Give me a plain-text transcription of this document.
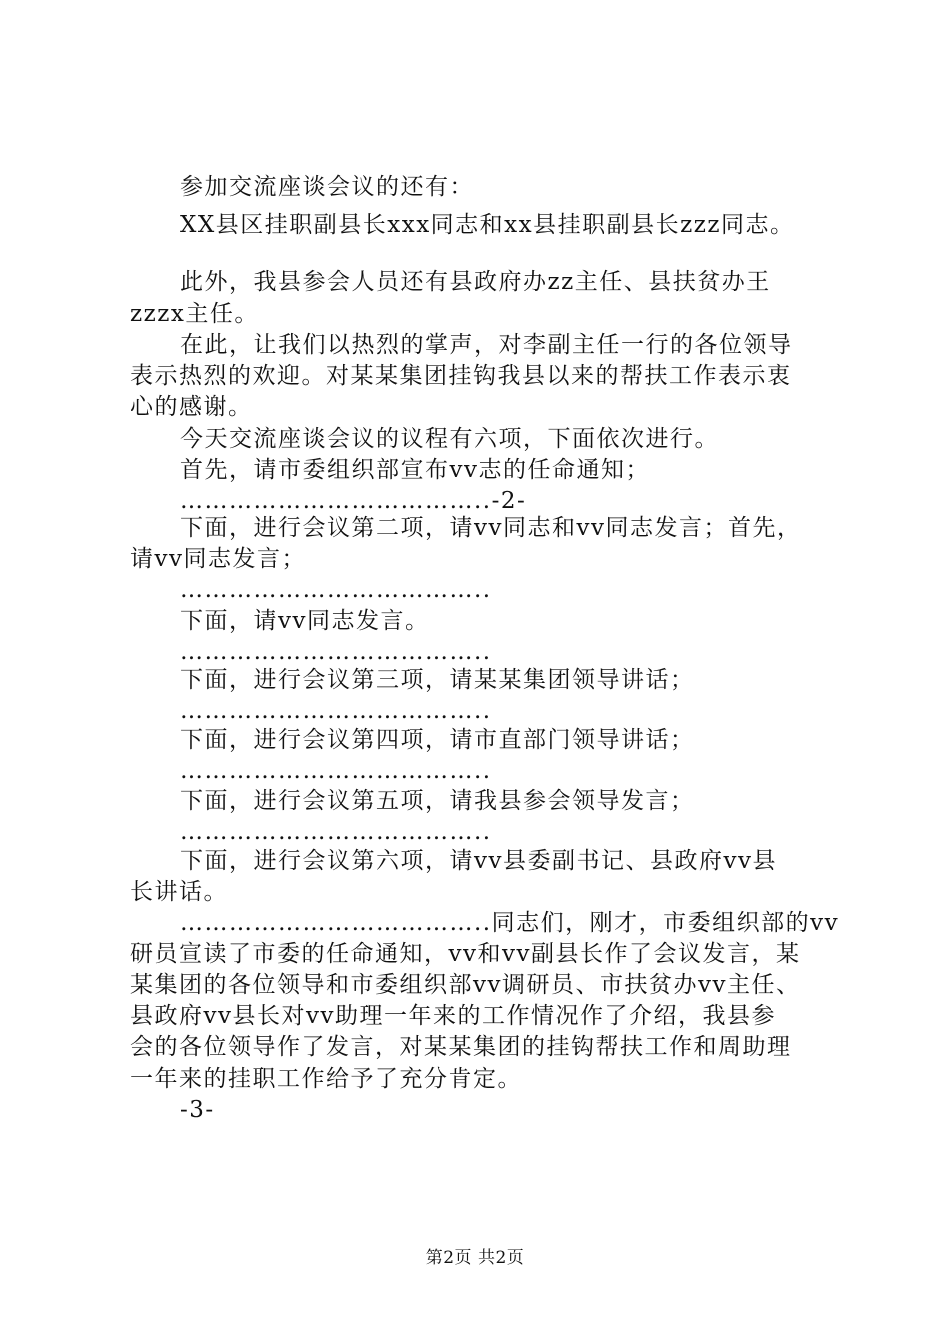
参加交流座谈会议的还有：
XX县区挂职副县长xxx同志和xx县挂职副县长zzz同志。
此外，我县参会人员还有县政府办zz主任、县扶贫办王
zzzx主任。
在此，让我们以热烈的掌声，对李副主任一行的各位领导
表示热烈的欢迎。对某某集团挂钩我县以来的帮扶工作表示衷
心的感谢。
今天交流座谈会议的议程有六项，下面依次进行。
首先，请市委组织部宣布vv志的任命通知；
………………………………..-2-
下面，进行会议第二项，请vv同志和vv同志发言；首先，
请vv同志发言；
………………………………..
下面，请vv同志发言。
………………………………..
下面，进行会议第三项，请某某集团领导讲话；
………………………………..
下面，进行会议第四项，请市直部门领导讲话；
………………………………..
下面，进行会议第五项，请我县参会领导发言；
………………………………..
下面，进行会议第六项，请vv县委副书记、县政府vv县
长讲话。
………………………………..同志们，刚才，市委组织部的vv
研员宣读了市委的任命通知，vv和vv副县长作了会议发言，某
某集团的各位领导和市委组织部vv调研员、市扶贫办vv主任、
县政府vv县长对vv助理一年来的工作情况作了介绍，我县参
会的各位领导作了发言，对某某集团的挂钩帮扶工作和周助理
一年来的挂职工作给予了充分肯定。
-3-
第2页 共2页
